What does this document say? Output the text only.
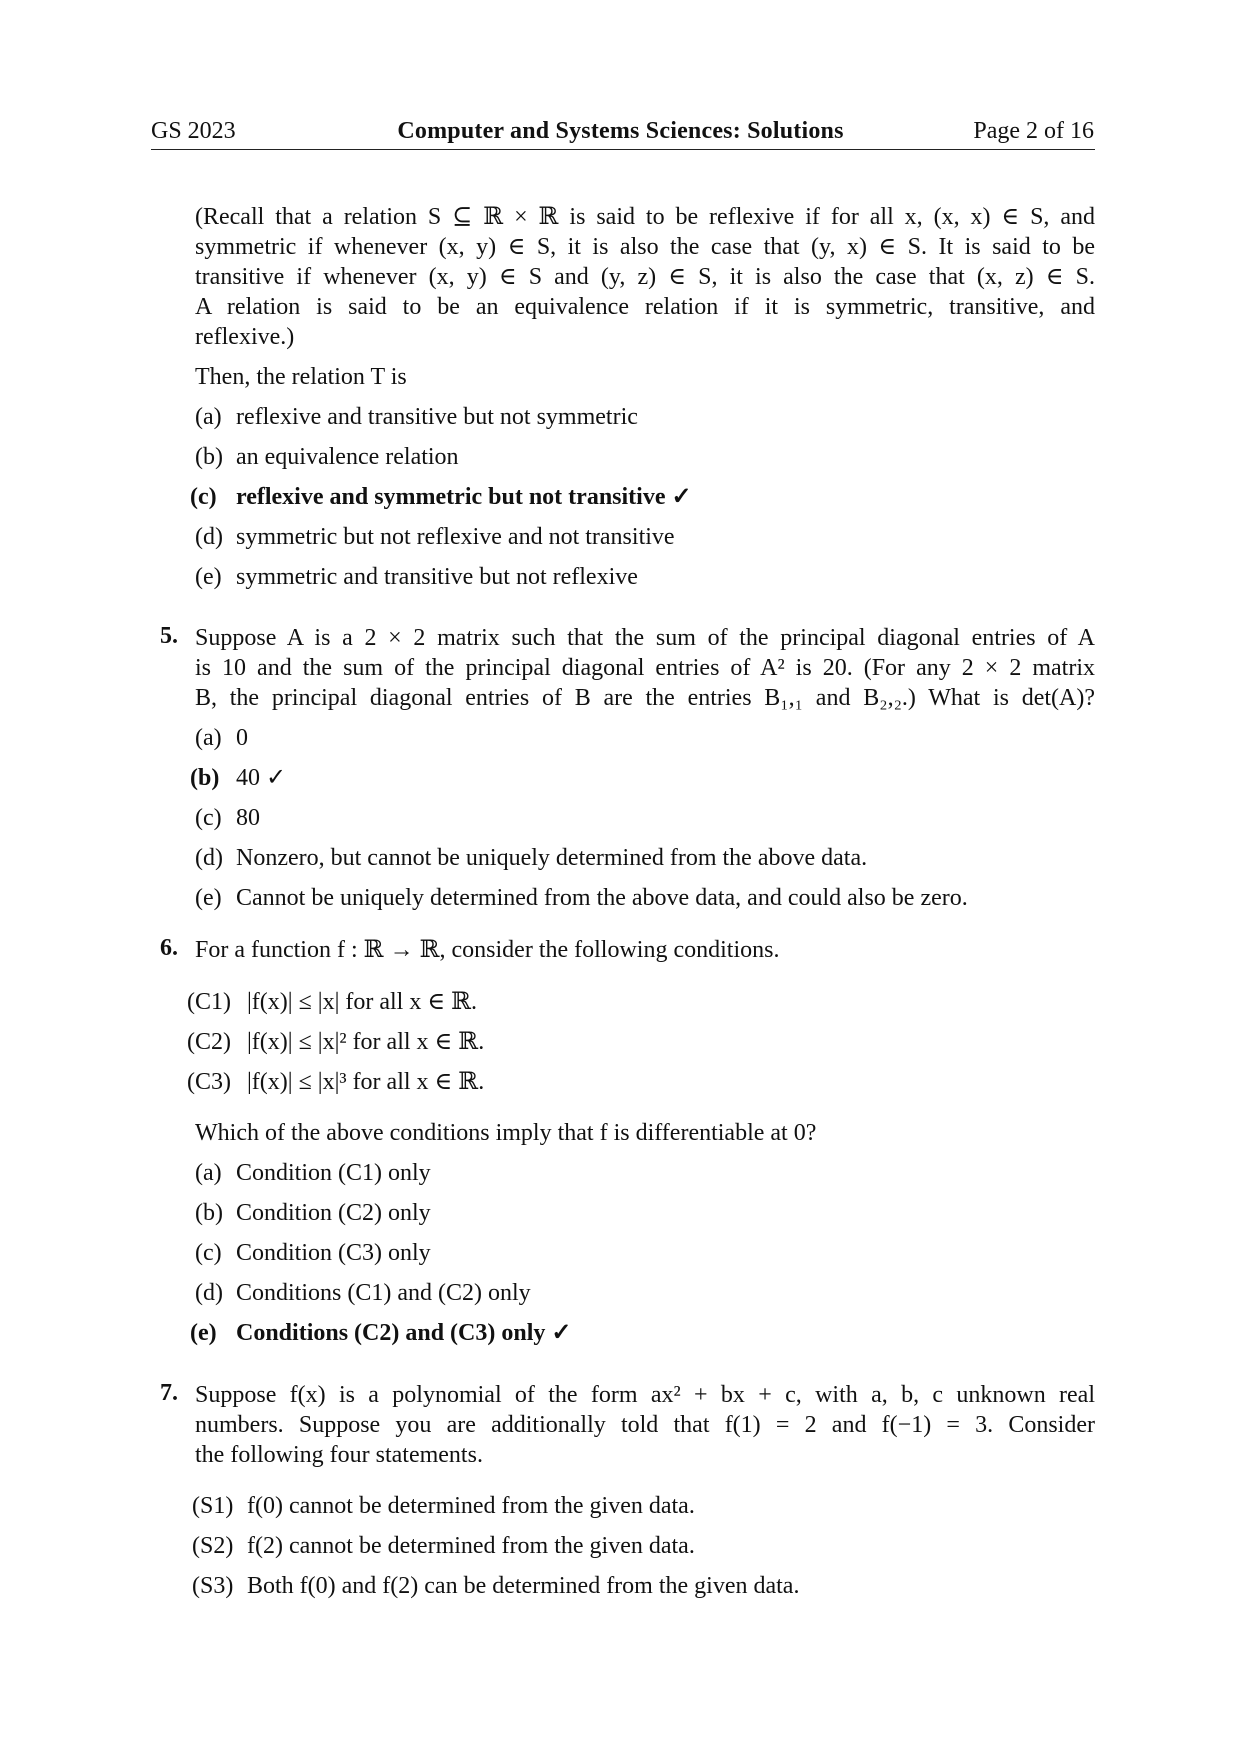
GS 2023	Computer and Systems Sciences: Solutions	Page 2 of 16
(Recall that a relation S ⊆ ℝ × ℝ is said to be reflexive if for all x, (x, x) ∈ S, and
symmetric if whenever (x, y) ∈ S, it is also the case that (y, x) ∈ S. It is said to be
transitive if whenever (x, y) ∈ S and (y, z) ∈ S, it is also the case that (x, z) ∈ S.
A relation is said to be an equivalence relation if it is symmetric, transitive, and
reflexive.)
Then, the relation T is
(a) reflexive and transitive but not symmetric
(b) an equivalence relation
(c) reflexive and symmetric but not transitive ✓
(d) symmetric but not reflexive and not transitive
(e) symmetric and transitive but not reflexive
5. Suppose A is a 2 × 2 matrix such that the sum of the principal diagonal entries of A
is 10 and the sum of the principal diagonal entries of A² is 20. (For any 2 × 2 matrix
B, the principal diagonal entries of B are the entries B₁,₁ and B₂,₂.) What is det(A)?
(a) 0
(b) 40 ✓
(c) 80
(d) Nonzero, but cannot be uniquely determined from the above data.
(e) Cannot be uniquely determined from the above data, and could also be zero.
6. For a function f : ℝ → ℝ, consider the following conditions.
(C1) |f(x)| ≤ |x| for all x ∈ ℝ.
(C2) |f(x)| ≤ |x|² for all x ∈ ℝ.
(C3) |f(x)| ≤ |x|³ for all x ∈ ℝ.
Which of the above conditions imply that f is differentiable at 0?
(a) Condition (C1) only
(b) Condition (C2) only
(c) Condition (C3) only
(d) Conditions (C1) and (C2) only
(e) Conditions (C2) and (C3) only ✓
7. Suppose f(x) is a polynomial of the form ax² + bx + c, with a, b, c unknown real
numbers. Suppose you are additionally told that f(1) = 2 and f(−1) = 3. Consider
the following four statements.
(S1) f(0) cannot be determined from the given data.
(S2) f(2) cannot be determined from the given data.
(S3) Both f(0) and f(2) can be determined from the given data.
